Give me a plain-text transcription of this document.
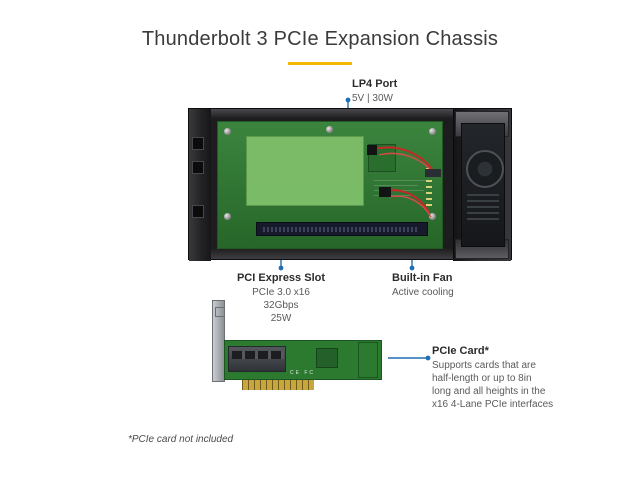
Thunderbolt 3 PCIe Expansion Chassis
CE FC
LP4 Port
5V | 30W
PCI Express Slot
PCIe 3.0 x16
32Gbps
25W
Built-in Fan
Active cooling
PCIe Card*
Supports cards that are
half-length or up to 8in
long and all heights in the
x16 4-Lane PCIe interfaces
*PCIe card not included
